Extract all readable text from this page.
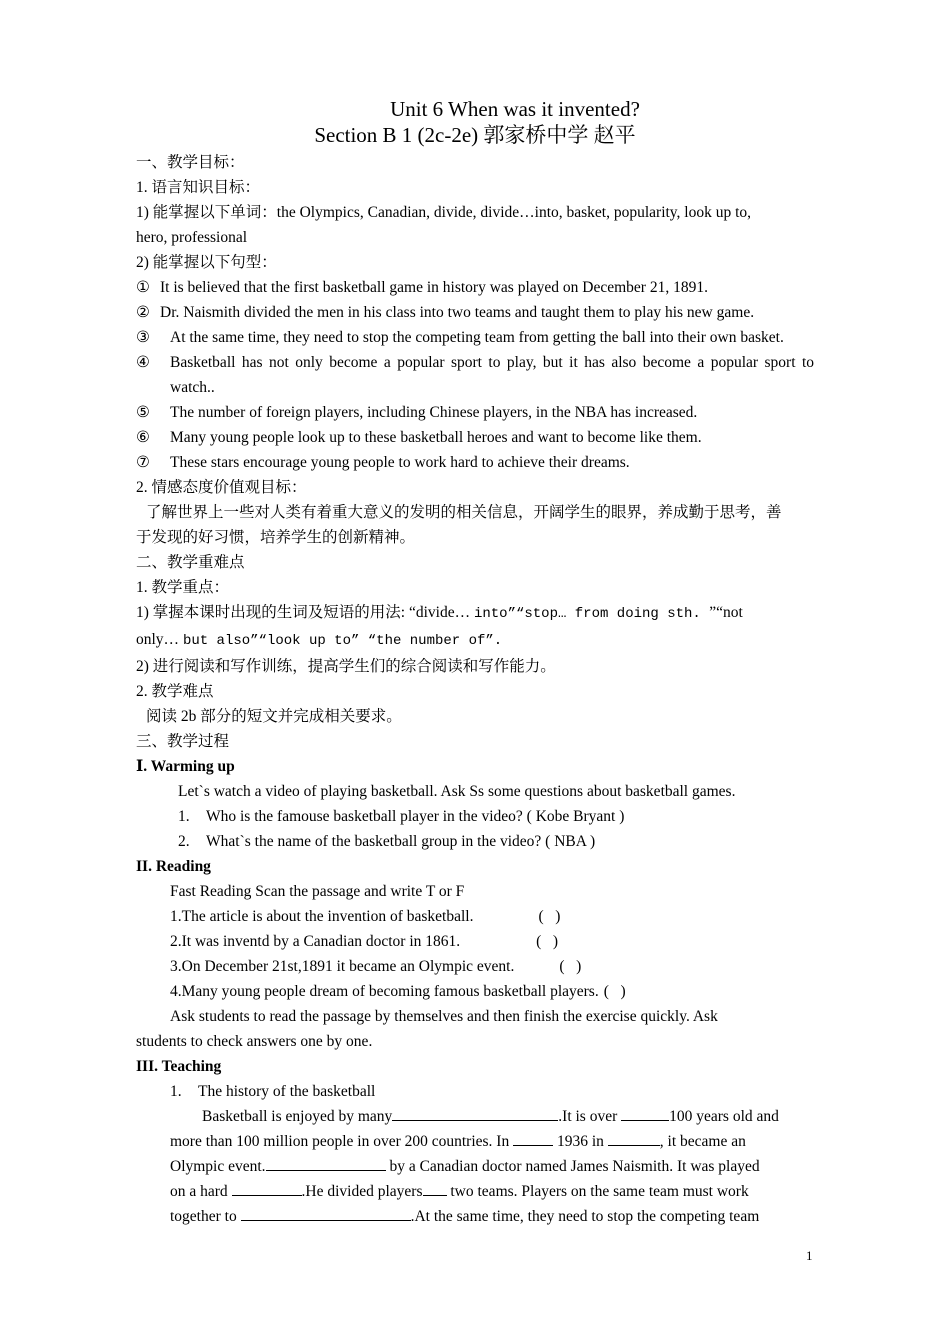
Unit 6 When was it invented?
Section B 1 (2c-2e) 郭家桥中学 赵平
一、教学目标：
1. 语言知识目标：
1) 能掌握以下单词：the Olympics, Canadian, divide, divide…into, basket, popularity, look up to,
hero, professional
2) 能掌握以下句型：
① It is believed that the first basketball game in history was played on December 21, 1891.
② Dr. Naismith divided the men in his class into two teams and taught them to play his new game.
③	At the same time, they need to stop the competing team from getting the ball into their own basket.
④	Basketball has not only become a popular sport to play, but it has also become a popular sport to watch..
⑤	The number of foreign players, including Chinese players, in the NBA has increased.
⑥	Many young people look up to these basketball heroes and want to become like them.
⑦	These stars encourage young people to work hard to achieve their dreams.
2. 情感态度价值观目标：
了解世界上一些对人类有着重大意义的发明的相关信息，开阔学生的眼界，养成勤于思考，善
于发现的好习惯，培养学生的创新精神。
二、教学重难点
1. 教学重点：
1) 掌握本课时出现的生词及短语的用法: “divide… into”“stop… from doing sth. ”“not
only… but also”“look up to” “the number of”.
2) 进行阅读和写作训练，提高学生们的综合阅读和写作能力。
2. 教学难点
阅读 2b 部分的短文并完成相关要求。
三、教学过程
Ⅰ. Warming up
Let`s watch a video of playing basketball. Ask Ss some questions about basketball games.
1.	Who is the famouse basketball player in the video? ( Kobe Bryant )
2.	What`s the name of the basketball group in the video? ( NBA )
II. Reading
Fast Reading Scan the passage and write T or F
1.The article is about the invention of basketball.	(   )
2.It was inventd by a Canadian doctor in 1861.	(   )
3.On December 21st,1891 it became an Olympic event.	(   )
4.Many young people dream of becoming famous basketball players. (   )
Ask students to read the passage by themselves and then finish the exercise quickly. Ask
students to check answers one by one.
III. Teaching
1.	The history of the basketball
Basketball is enjoyed by many	.It is over	100 years old and
more than 100 million people in over 200 countries. In	1936 in	, it became an
Olympic event.	by a Canadian doctor named James Naismith. It was played
on a hard	.He divided players two teams. Players on the same team must work
together to	.At the same time, they need to stop the competing team
1
